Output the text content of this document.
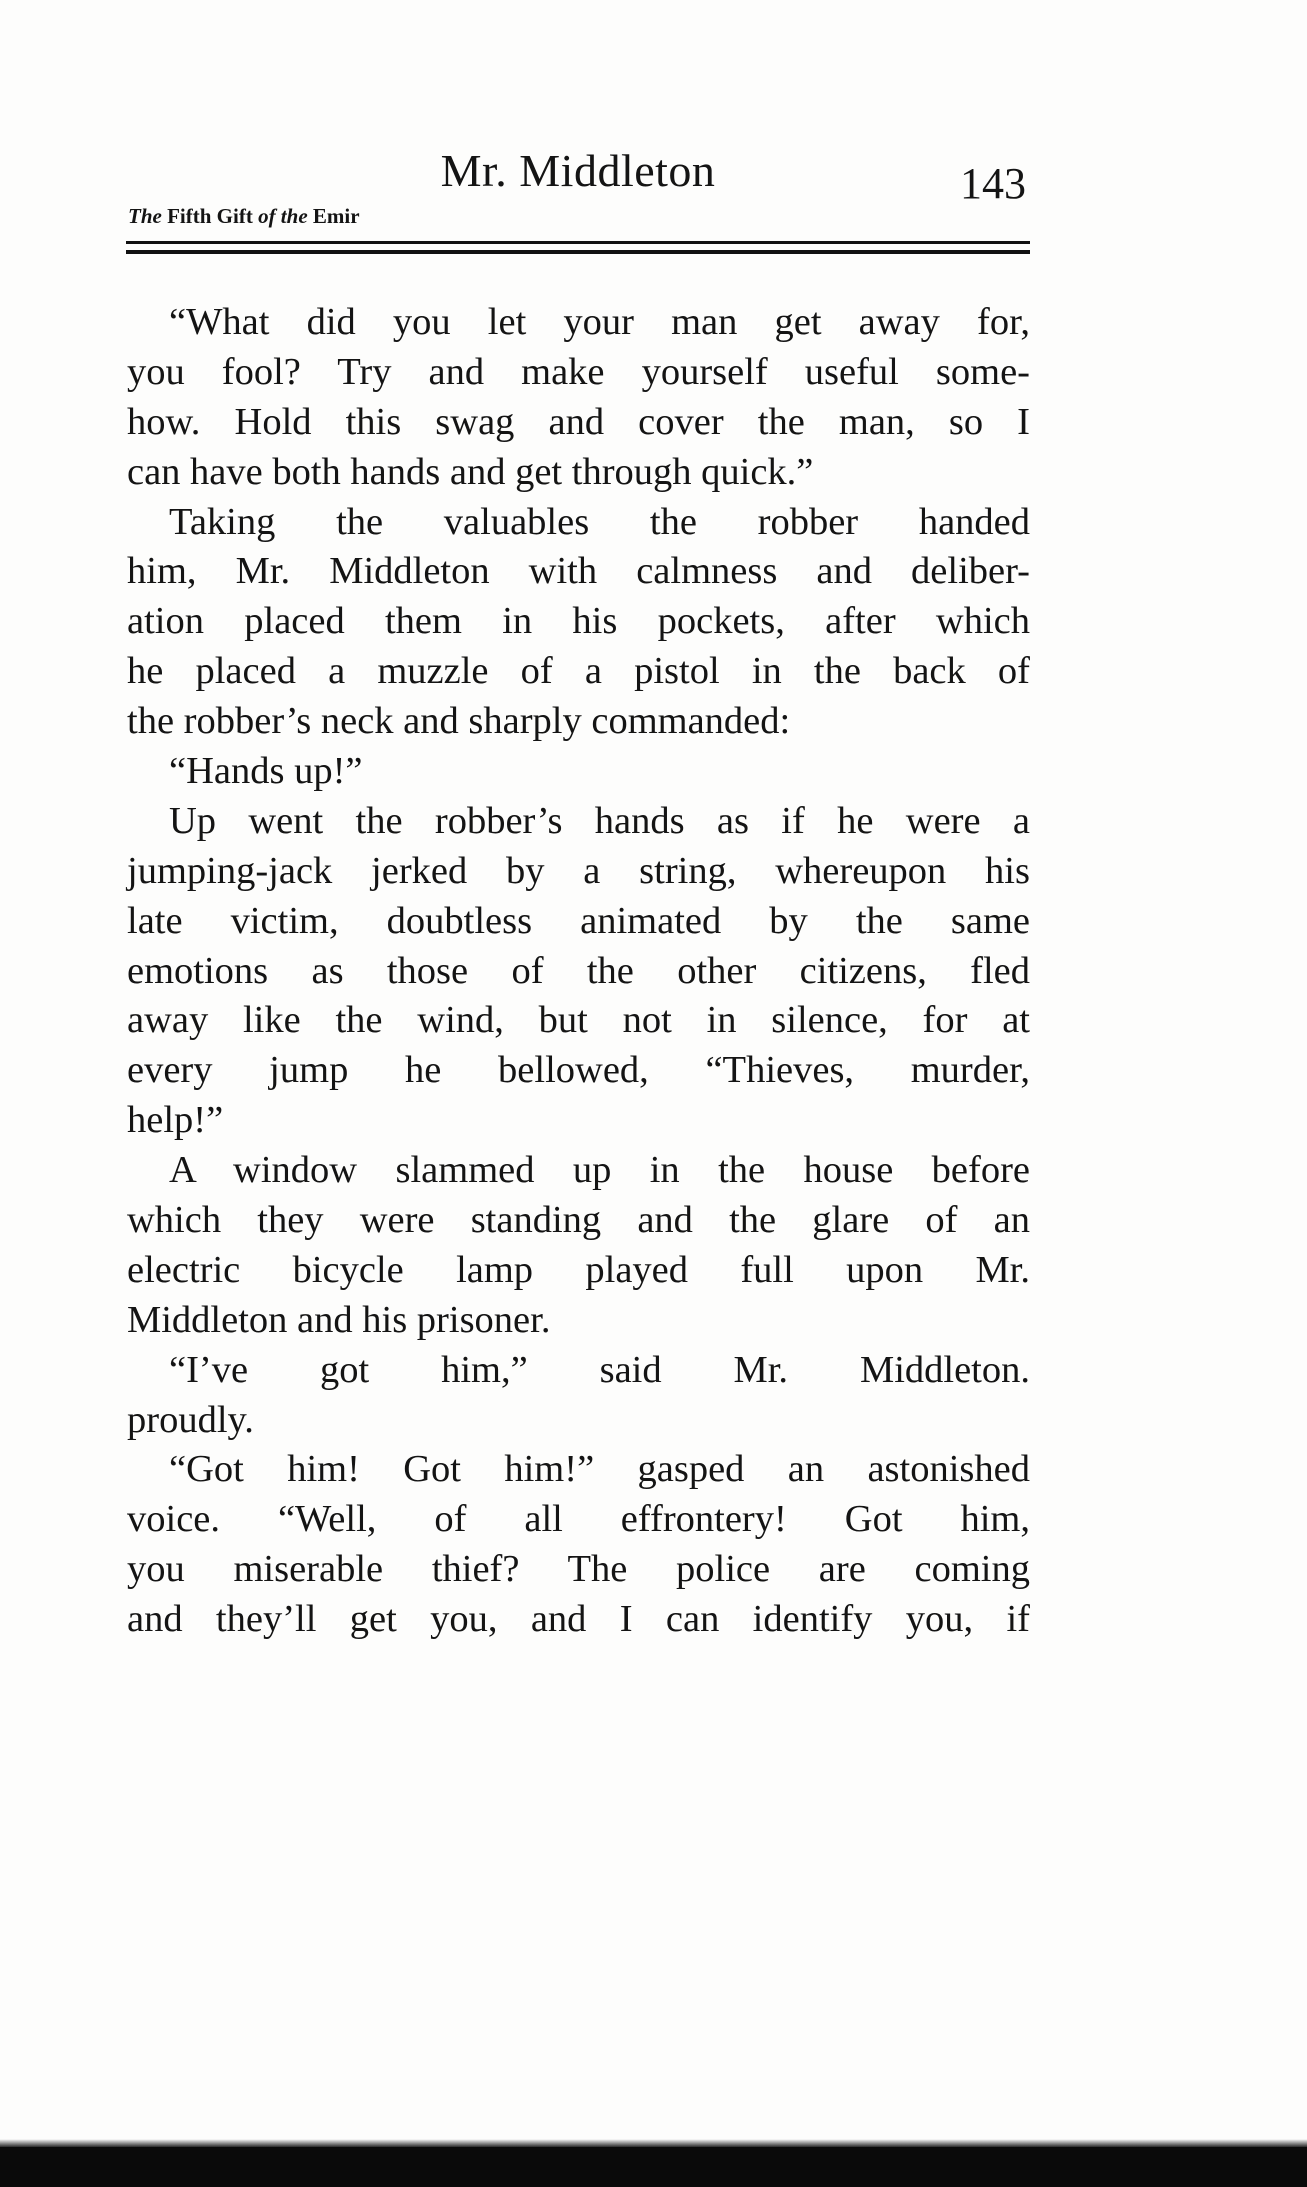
Mr. Middleton	143
The Fifth Gift of the Emir
“What did you let your man get away for,
you fool? Try and make yourself useful some-
how. Hold this swag and cover the man, so I
can have both hands and get through quick.”
Taking the valuables the robber handed
him, Mr. Middleton with calmness and deliber-
ation placed them in his pockets, after which
he placed a muzzle of a pistol in the back of
the robber’s neck and sharply commanded:
“Hands up!”
Up went the robber’s hands as if he were a
jumping-jack jerked by a string, whereupon his
late victim, doubtless animated by the same
emotions as those of the other citizens, fled
away like the wind, but not in silence, for at
every jump he bellowed, “Thieves, murder,
help!”
A window slammed up in the house before
which they were standing and the glare of an
electric bicycle lamp played full upon Mr.
Middleton and his prisoner.
“I’ve got him,” said Mr. Middleton.
proudly.
“Got him! Got him!” gasped an astonished
voice. “Well, of all effrontery! Got him,
you miserable thief? The police are coming
and they’ll get you, and I can identify you, if
